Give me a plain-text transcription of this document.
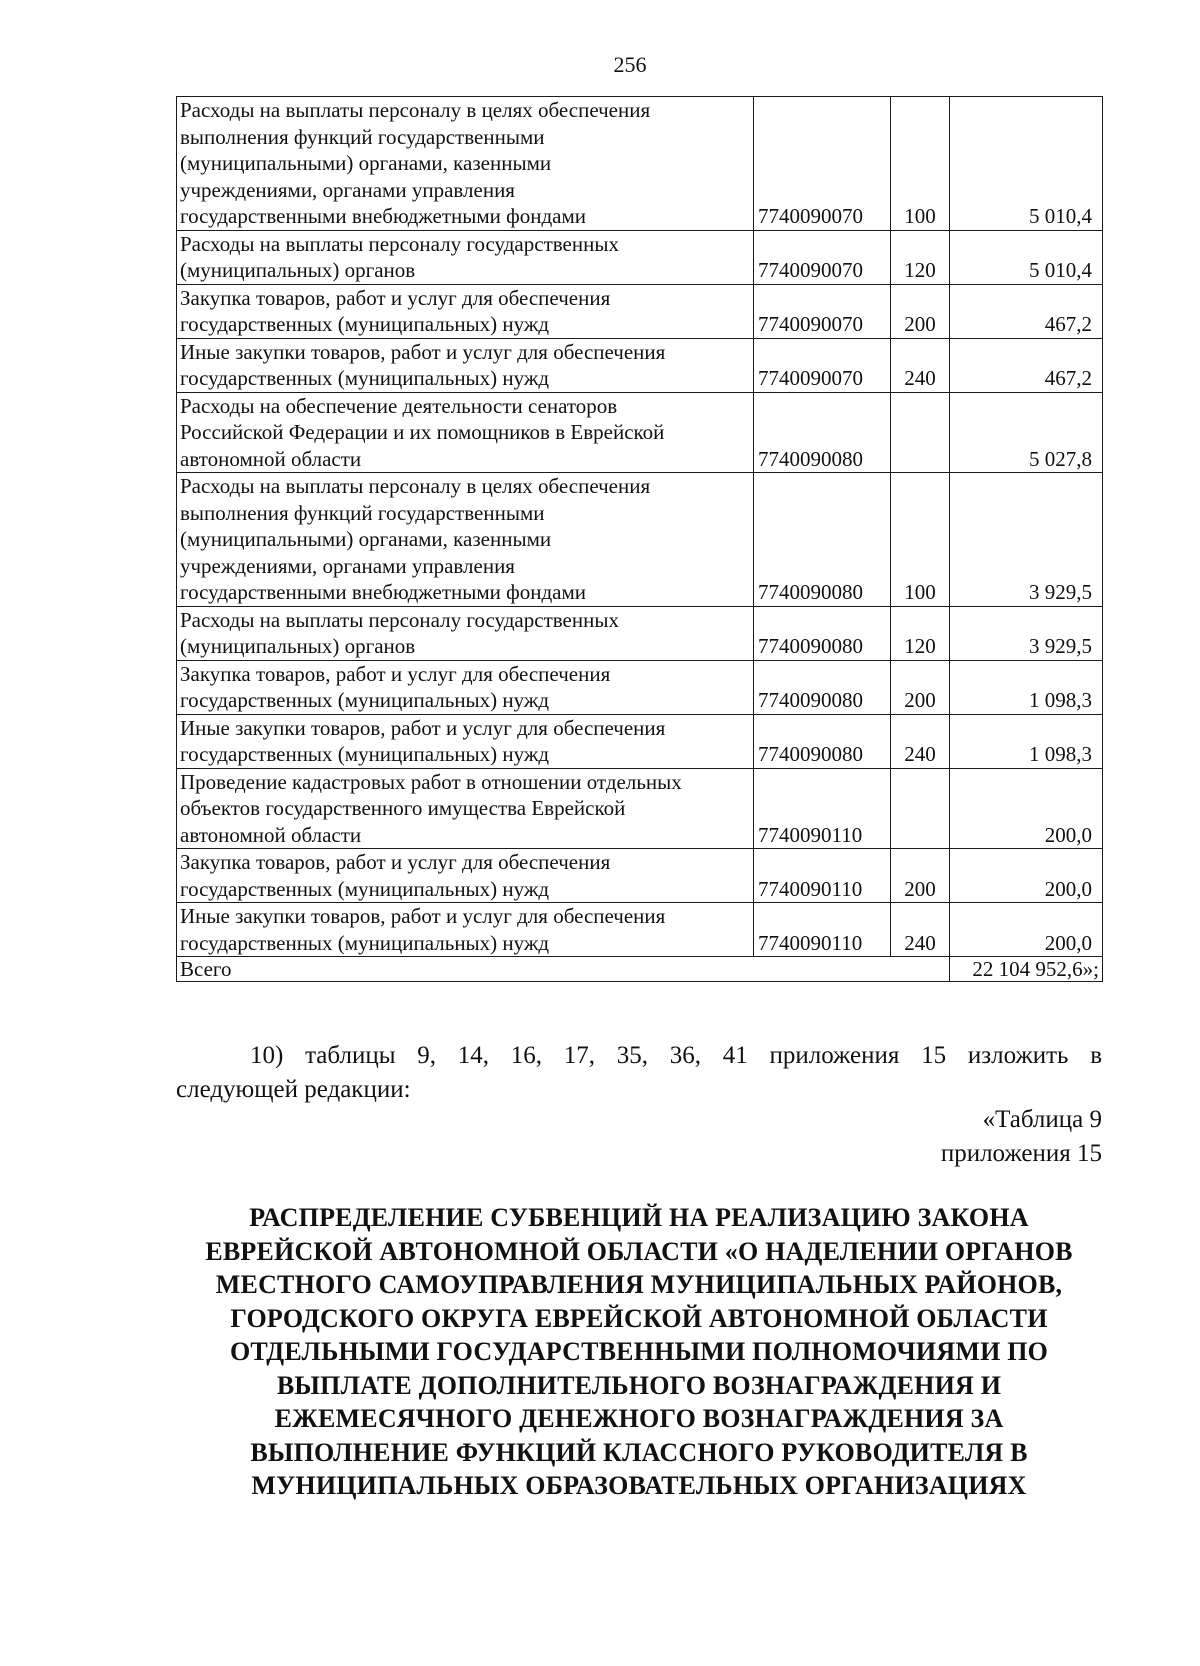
256
Расходы на выплаты персоналу в целях обеспечения
выполнения функций государственными
(муниципальными) органами, казенными
учреждениями, органами управления
государственными внебюджетными фондами	7740090070	100	5 010,4

Расходы на выплаты персоналу государственных
(муниципальных) органов	7740090070	120	5 010,4

Закупка товаров, работ и услуг для обеспечения
государственных (муниципальных) нужд	7740090070	200	467,2

Иные закупки товаров, работ и услуг для обеспечения
государственных (муниципальных) нужд	7740090070	240	467,2

Расходы на обеспечение деятельности сенаторов
Российской Федерации и их помощников в Еврейской
автономной области	7740090080		5 027,8

Расходы на выплаты персоналу в целях обеспечения
выполнения функций государственными
(муниципальными) органами, казенными
учреждениями, органами управления
государственными внебюджетными фондами	7740090080	100	3 929,5

Расходы на выплаты персоналу государственных
(муниципальных) органов	7740090080	120	3 929,5

Закупка товаров, работ и услуг для обеспечения
государственных (муниципальных) нужд	7740090080	200	1 098,3

Иные закупки товаров, работ и услуг для обеспечения
государственных (муниципальных) нужд	7740090080	240	1 098,3

Проведение кадастровых работ в отношении отдельных
объектов государственного имущества Еврейской
автономной области	7740090110		200,0

Закупка товаров, работ и услуг для обеспечения
государственных (муниципальных) нужд	7740090110	200	200,0

Иные закупки товаров, работ и услуг для обеспечения
государственных (муниципальных) нужд	7740090110	240	200,0
Всего			22 104 952,6»;
10) таблицы 9, 14, 16, 17, 35, 36, 41 приложения 15 изложить в
следующей редакции:
«Таблица 9
приложения 15
РАСПРЕДЕЛЕНИЕ СУБВЕНЦИЙ НА РЕАЛИЗАЦИЮ ЗАКОНА
ЕВРЕЙСКОЙ АВТОНОМНОЙ ОБЛАСТИ «О НАДЕЛЕНИИ ОРГАНОВ
МЕСТНОГО САМОУПРАВЛЕНИЯ МУНИЦИПАЛЬНЫХ РАЙОНОВ,
ГОРОДСКОГО ОКРУГА ЕВРЕЙСКОЙ АВТОНОМНОЙ ОБЛАСТИ
ОТДЕЛЬНЫМИ ГОСУДАРСТВЕННЫМИ ПОЛНОМОЧИЯМИ ПО
ВЫПЛАТЕ ДОПОЛНИТЕЛЬНОГО ВОЗНАГРАЖДЕНИЯ И
ЕЖЕМЕСЯЧНОГО ДЕНЕЖНОГО ВОЗНАГРАЖДЕНИЯ ЗА
ВЫПОЛНЕНИЕ ФУНКЦИЙ КЛАССНОГО РУКОВОДИТЕЛЯ В
МУНИЦИПАЛЬНЫХ ОБРАЗОВАТЕЛЬНЫХ ОРГАНИЗАЦИЯХ
